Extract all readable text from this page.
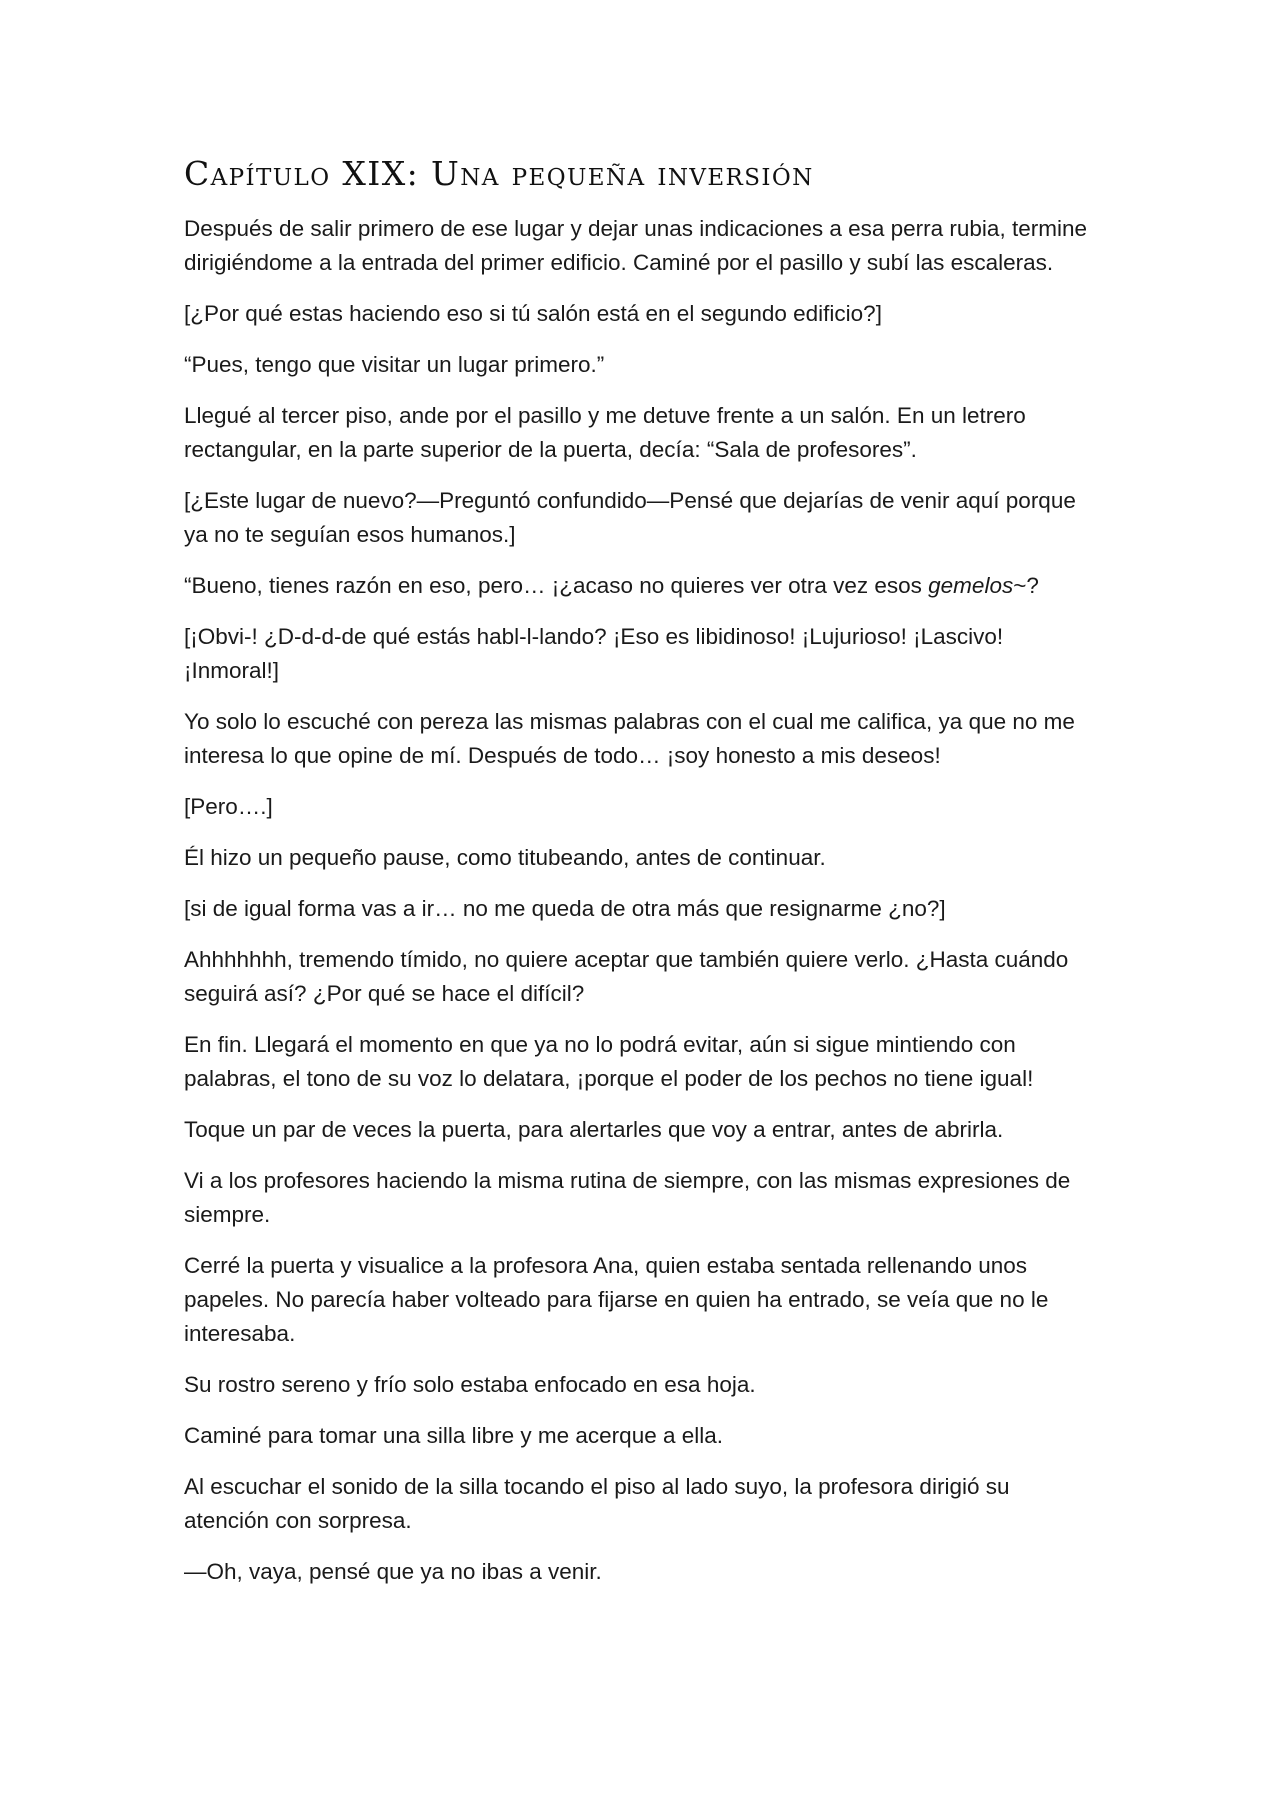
Capítulo XIX: Una pequeña inversión

Después de salir primero de ese lugar y dejar unas indicaciones a esa perra rubia, termine dirigiéndome a la entrada del primer edificio. Caminé por el pasillo y subí las escaleras.

[¿Por qué estas haciendo eso si tú salón está en el segundo edificio?]

“Pues, tengo que visitar un lugar primero.”

Llegué al tercer piso, ande por el pasillo y me detuve frente a un salón. En un letrero rectangular, en la parte superior de la puerta, decía: “Sala de profesores”.

[¿Este lugar de nuevo?—Preguntó confundido—Pensé que dejarías de venir aquí porque ya no te seguían esos humanos.]

“Bueno, tienes razón en eso, pero… ¡¿acaso no quieres ver otra vez esos gemelos~?

[¡Obvi-! ¿D-d-d-de qué estás habl-l-lando? ¡Eso es libidinoso! ¡Lujurioso! ¡Lascivo! ¡Inmoral!]

Yo solo lo escuché con pereza las mismas palabras con el cual me califica, ya que no me interesa lo que opine de mí. Después de todo… ¡soy honesto a mis deseos!

[Pero….]

Él hizo un pequeño pause, como titubeando, antes de continuar.

[si de igual forma vas a ir… no me queda de otra más que resignarme ¿no?]

Ahhhhhhh, tremendo tímido, no quiere aceptar que también quiere verlo. ¿Hasta cuándo seguirá así? ¿Por qué se hace el difícil?

En fin. Llegará el momento en que ya no lo podrá evitar, aún si sigue mintiendo con palabras, el tono de su voz lo delatara, ¡porque el poder de los pechos no tiene igual!

Toque un par de veces la puerta, para alertarles que voy a entrar, antes de abrirla.

Vi a los profesores haciendo la misma rutina de siempre, con las mismas expresiones de siempre.

Cerré la puerta y visualice a la profesora Ana, quien estaba sentada rellenando unos papeles. No parecía haber volteado para fijarse en quien ha entrado, se veía que no le interesaba.

Su rostro sereno y frío solo estaba enfocado en esa hoja.

Caminé para tomar una silla libre y me acerque a ella.

Al escuchar el sonido de la silla tocando el piso al lado suyo, la profesora dirigió su atención con sorpresa.

—Oh, vaya, pensé que ya no ibas a venir.
